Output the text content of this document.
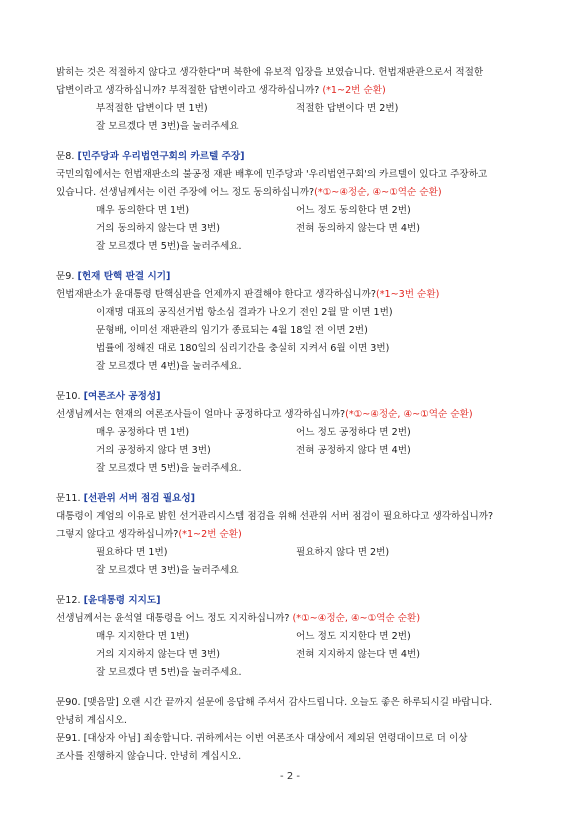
밝히는 것은 적절하지 않다고 생각한다"며 북한에 유보적 입장을 보였습니다. 헌법재판관으로서 적절한
답변이라고 생각하십니까? 부적절한 답변이라고 생각하십니까? (*1~2번 순환)
부적절한 답변이다 면 1번)	적절한 답변이다 면 2번)
잘 모르겠다 면 3번)을 눌러주세요
문8. [민주당과 우리법연구회의 카르텔 주장]
국민의힘에서는 헌법재판소의 불공정 재판 배후에 민주당과 '우리법연구회'의 카르텔이 있다고 주장하고
있습니다. 선생님께서는 이런 주장에 어느 정도 동의하십니까?(*①~④정순, ④~①역순 순환)
매우 동의한다 면 1번)	어느 정도 동의한다 면 2번)
거의 동의하지 않는다 면 3번)	전혀 동의하지 않는다 면 4번)
잘 모르겠다 면 5번)을 눌러주세요.
문9. [헌재 탄핵 판결 시기]
헌법재판소가 윤대통령 탄핵심판을 언제까지 판결해야 한다고 생각하십니까?(*1~3번 순환)
이재명 대표의 공직선거법 항소심 결과가 나오기 전인 2월 말 이면 1번)
문형배, 이미선 재판관의 임기가 종료되는 4월 18일 전 이면 2번)
법률에 정해진 대로 180일의 심리기간을 충실히 지켜서 6월 이면 3번)
잘 모르겠다 면 4번)을 눌러주세요.
문10. [여론조사 공정성]
선생님께서는 현재의 여론조사들이 얼마나 공정하다고 생각하십니까?(*①~④정순, ④~①역순 순환)
매우 공정하다 면 1번)	어느 정도 공정하다 면 2번)
거의 공정하지 않다 면 3번)	전혀 공정하지 않다 면 4번)
잘 모르겠다 면 5번)을 눌러주세요.
문11. [선관위 서버 점검 필요성]
대통령이 계엄의 이유로 밝힌 선거관리시스템 점검을 위해 선관위 서버 점검이 필요하다고 생각하십니까?
그렇지 않다고 생각하십니까?(*1~2번 순환)
필요하다 면 1번)	필요하지 않다 면 2번)
잘 모르겠다 면 3번)을 눌러주세요
문12. [윤대통령 지지도]
선생님께서는 윤석열 대통령을 어느 정도 지지하십니까? (*①~④정순, ④~①역순 순환)
매우 지지한다 면 1번)	어느 정도 지지한다 면 2번)
거의 지지하지 않는다 면 3번)	전혀 지지하지 않는다 면 4번)
잘 모르겠다 면 5번)을 눌러주세요.
문90. [맺음말] 오랜 시간 끝까지 설문에 응답해 주셔서 감사드립니다. 오늘도 좋은 하루되시길 바랍니다.
안녕히 계십시오.
문91. [대상자 아님] 죄송합니다. 귀하께서는 이번 여론조사 대상에서 제외된 연령대이므로 더 이상
조사를 진행하지 않습니다. 안녕히 계십시오.
- 2 -
